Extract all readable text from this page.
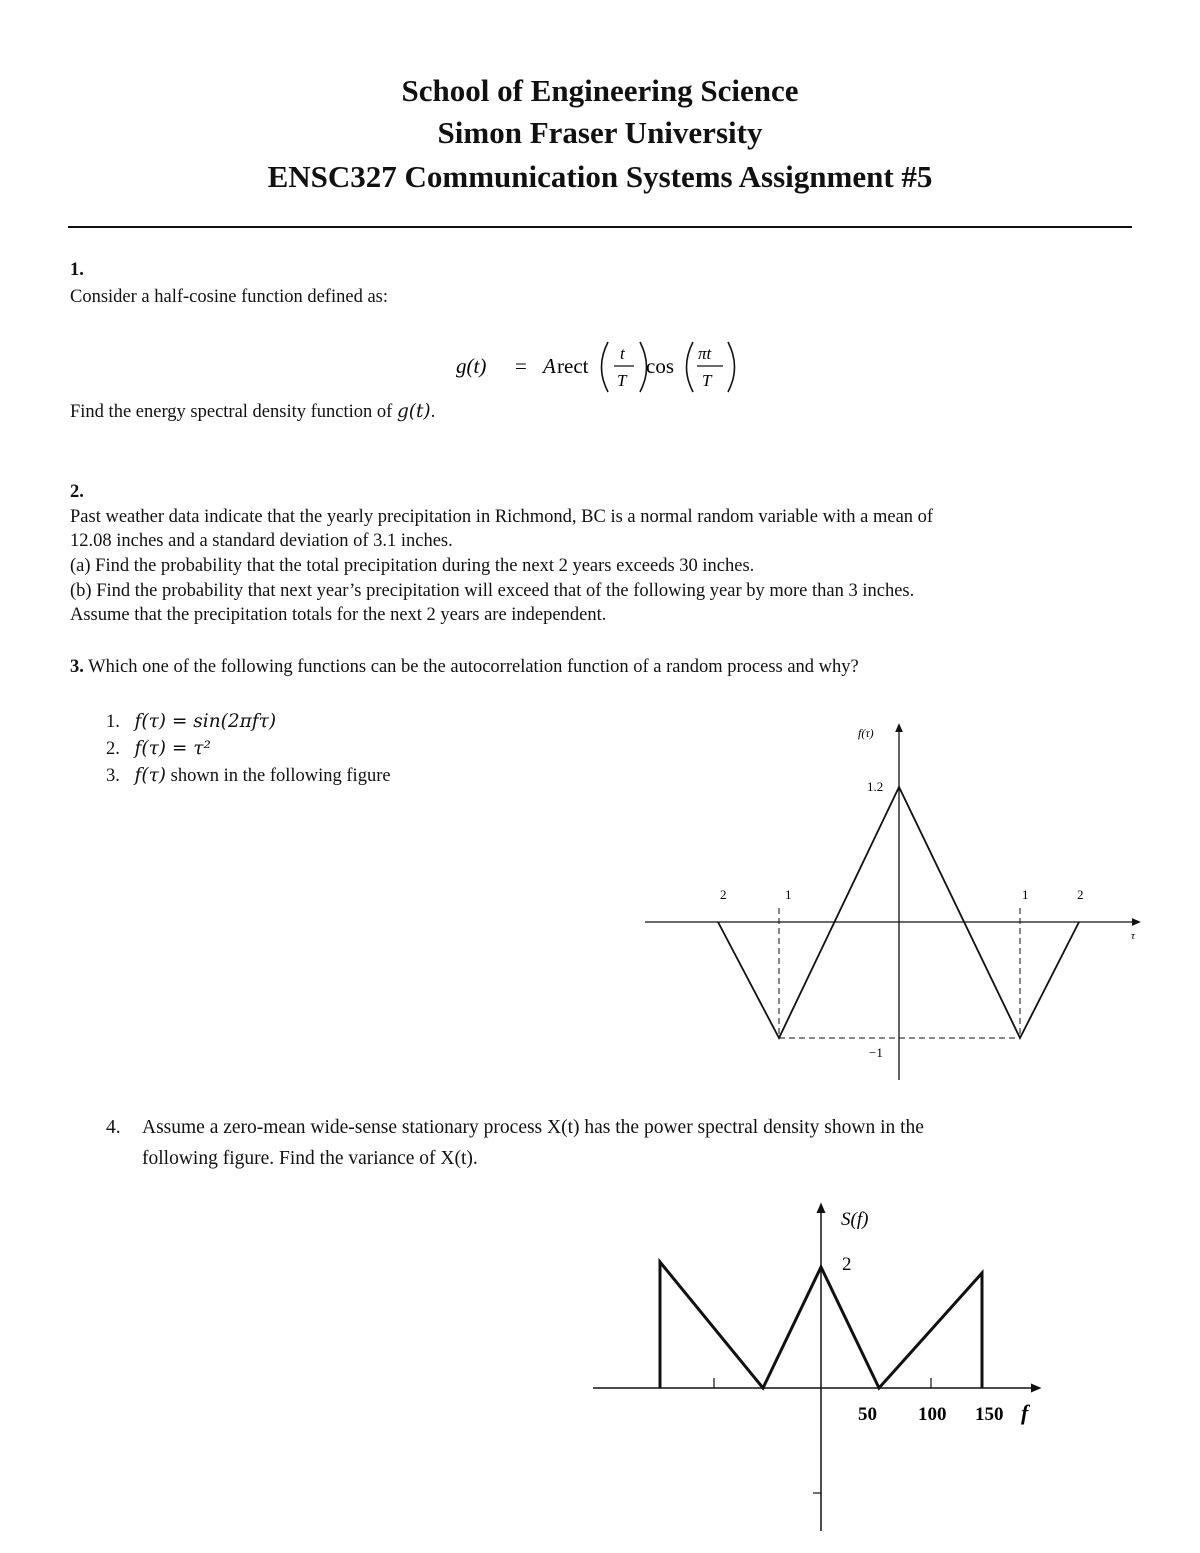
School of Engineering Science
Simon Fraser University
ENSC327 Communication Systems Assignment #5
1.
Consider a half-cosine function defined as:
g(t) = A rect
t
T
cos
πt
T
Find the energy spectral density function of g(t).
2.
Past weather data indicate that the yearly precipitation in Richmond, BC is a normal random variable with a mean of
12.08 inches and a standard deviation of 3.1 inches.
(a) Find the probability that the total precipitation during the next 2 years exceeds 30 inches.
(b) Find the probability that next year’s precipitation will exceed that of the following year by more than 3 inches.
Assume that the precipitation totals for the next 2 years are independent.
3. Which one of the following functions can be the autocorrelation function of a random process and why?
1. f(τ) = sin(2πfτ)
2. f(τ) = τ²
3. f(τ) shown in the following figure
τ
f(τ)
1.2
−1
2	1	1	2
4. Assume a zero-mean wide-sense stationary process X(t) has the power spectral density shown in the
following figure. Find the variance of X(t).
S(f)
2
50 100 150 f
